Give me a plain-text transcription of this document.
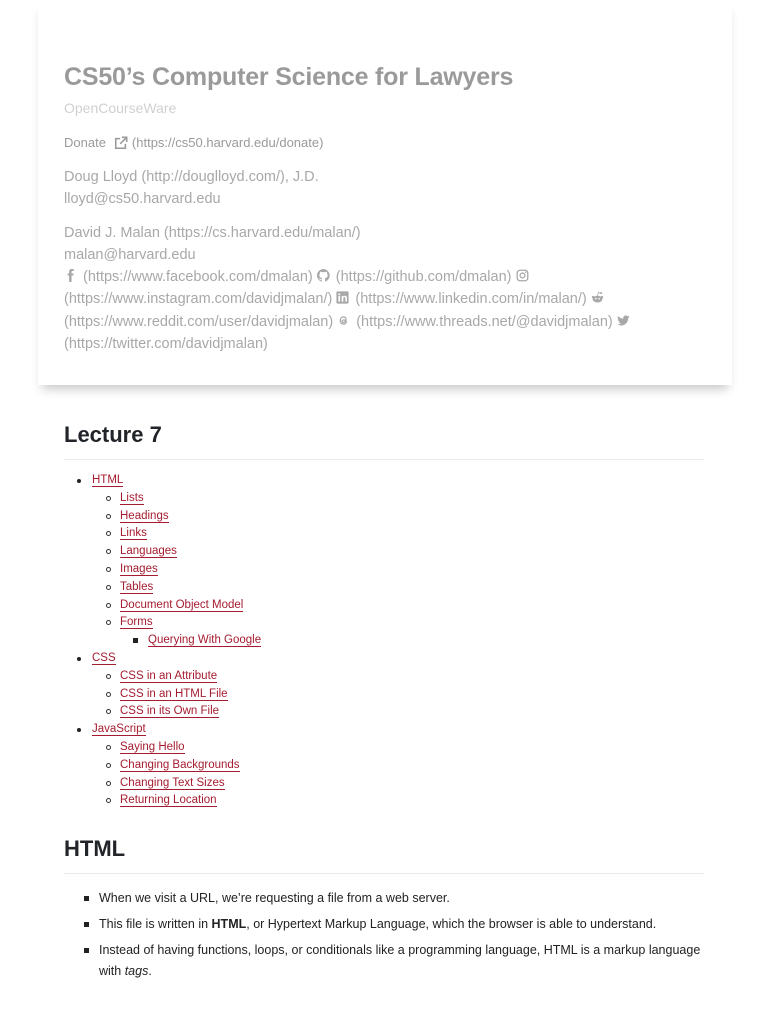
CS50’s Computer Science for Lawyers
OpenCourseWare
Donate (https://cs50.harvard.edu/donate)
Doug Lloyd (http://douglloyd.com/), J.D.
lloyd@cs50.harvard.edu
David J. Malan (https://cs.harvard.edu/malan/)
malan@harvard.edu
(https://www.facebook.com/dmalan) (https://github.com/dmalan)
(https://www.instagram.com/davidjmalan/) (https://www.linkedin.com/in/malan/)
(https://www.reddit.com/user/davidjmalan) (https://www.threads.net/@davidjmalan)
(https://twitter.com/davidjmalan)
Lecture 7
HTML
Lists
Headings
Links
Languages
Images
Tables
Document Object Model
Forms
Querying With Google
CSS
CSS in an Attribute
CSS in an HTML File
CSS in its Own File
JavaScript
Saying Hello
Changing Backgrounds
Changing Text Sizes
Returning Location
HTML
When we visit a URL, we’re requesting a file from a web server.
This file is written in HTML, or Hypertext Markup Language, which the browser is able to understand.
Instead of having functions, loops, or conditionals like a programming language, HTML is a markup language with tags.
